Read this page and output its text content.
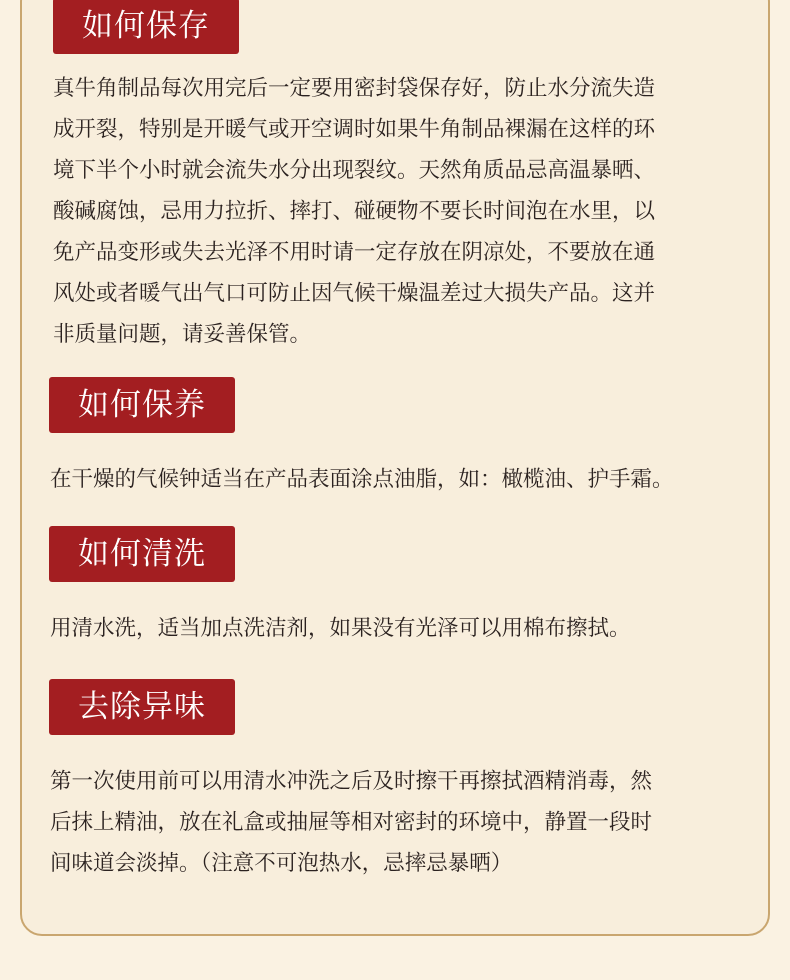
如何保存
真牛角制品每次用完后一定要用密封袋保存好，防止水分流失造
成开裂，特别是开暖气或开空调时如果牛角制品裸漏在这样的环
境下半个小时就会流失水分出现裂纹。天然角质品忌高温暴晒、
酸碱腐蚀，忌用力拉折、摔打、碰硬物不要长时间泡在水里，以
免产品变形或失去光泽不用时请一定存放在阴凉处，不要放在通
风处或者暖气出气口可防止因气候干燥温差过大损失产品。这并
非质量问题，请妥善保管。
如何保养
在干燥的气候钟适当在产品表面涂点油脂，如：橄榄油、护手霜。
如何清洗
用清水洗，适当加点洗洁剂，如果没有光泽可以用棉布擦拭。
去除异味
第一次使用前可以用清水冲洗之后及时擦干再擦拭酒精消毒，然
后抹上精油，放在礼盒或抽屉等相对密封的环境中，静置一段时
间味道会淡掉。（注意不可泡热水，忌摔忌暴晒）
